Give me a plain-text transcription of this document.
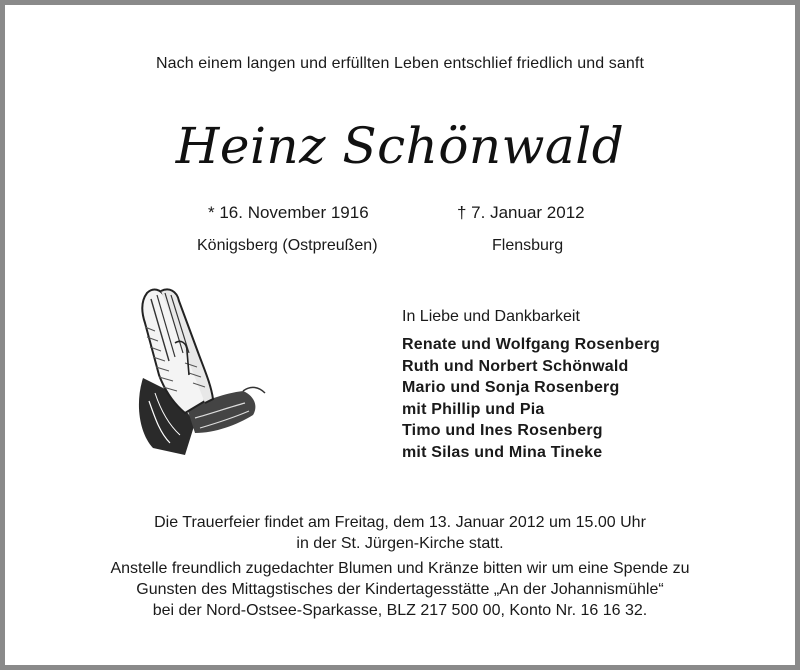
Nach einem langen und erfüllten Leben entschlief friedlich und sanft
Heinz Schönwald
* 16. November 1916	† 7. Januar 2012
Königsberg (Ostpreußen)	Flensburg
In Liebe und Dankbarkeit
Renate und Wolfgang Rosenberg
Ruth und Norbert Schönwald
Mario und Sonja Rosenberg
mit Phillip und Pia
Timo und Ines Rosenberg
mit Silas und Mina Tineke
Die Trauerfeier findet am Freitag, dem 13. Januar 2012 um 15.00 Uhr
in der St. Jürgen-Kirche statt.
Anstelle freundlich zugedachter Blumen und Kränze bitten wir um eine Spende zu
Gunsten des Mittagstisches der Kindertagesstätte „An der Johannismühle“
bei der Nord-Ostsee-Sparkasse, BLZ 217 500 00, Konto Nr. 16 16 32.
